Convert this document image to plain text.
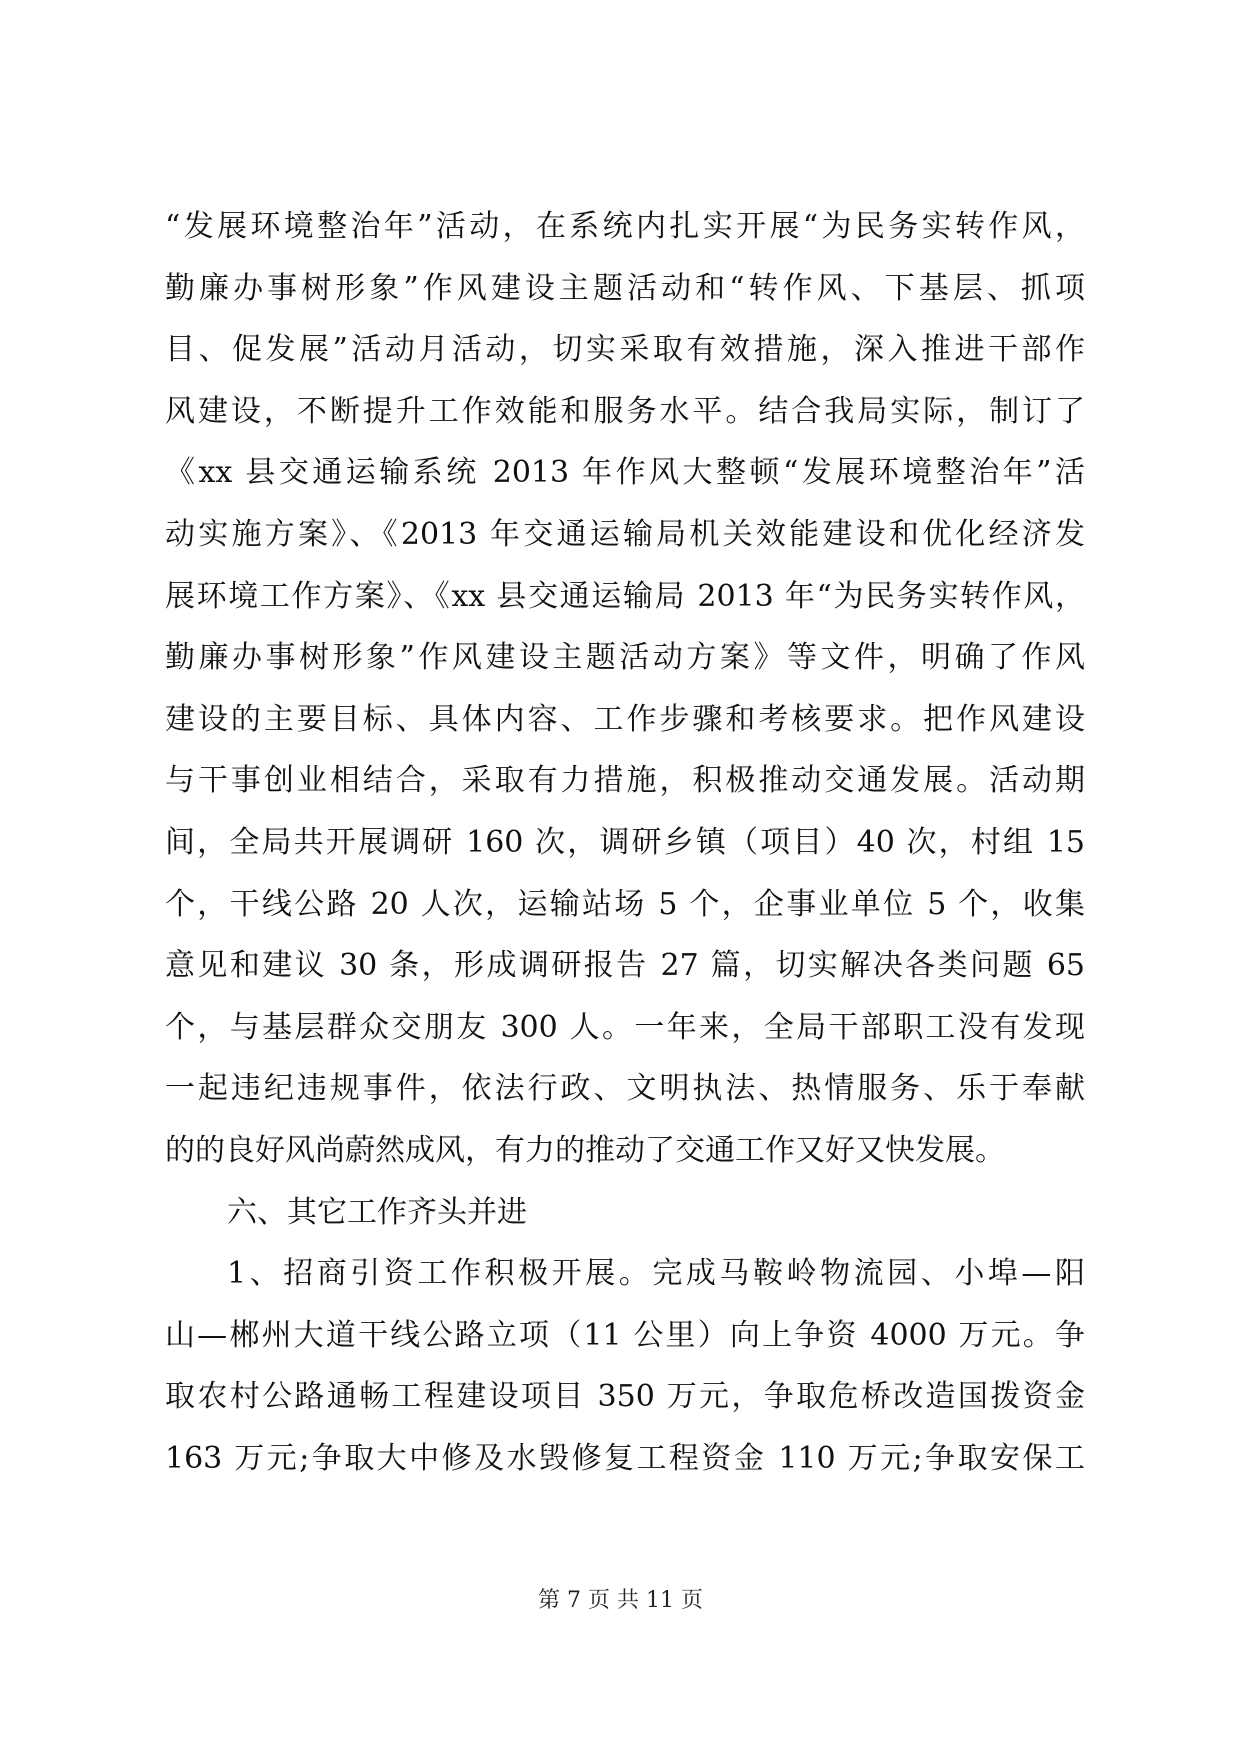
“发展环境整治年”活动，在系统内扎实开展“为民务实转作风，
勤廉办事树形象”作风建设主题活动和“转作风、下基层、抓项
目、促发展”活动月活动，切实采取有效措施，深入推进干部作
风建设，不断提升工作效能和服务水平。结合我局实际，制订了
《xx 县交通运输系统 2013 年作风大整顿“发展环境整治年”活
动实施方案》、《2013 年交通运输局机关效能建设和优化经济发
展环境工作方案》、《xx 县交通运输局 2013 年“为民务实转作风，
勤廉办事树形象”作风建设主题活动方案》等文件，明确了作风
建设的主要目标、具体内容、工作步骤和考核要求。把作风建设
与干事创业相结合，采取有力措施，积极推动交通发展。活动期
间，全局共开展调研 160 次，调研乡镇（项目）40 次，村组 15
个，干线公路 20 人次，运输站场 5 个，企事业单位 5 个，收集
意见和建议 30 条，形成调研报告 27 篇，切实解决各类问题 65
个，与基层群众交朋友 300 人。一年来，全局干部职工没有发现
一起违纪违规事件，依法行政、文明执法、热情服务、乐于奉献
的的良好风尚蔚然成风，有力的推动了交通工作又好又快发展。
六、其它工作齐头并进
1、招商引资工作积极开展。完成马鞍岭物流园、小埠—阳
山—郴州大道干线公路立项（11 公里）向上争资 4000 万元。争
取农村公路通畅工程建设项目 350 万元，争取危桥改造国拨资金
163 万元;争取大中修及水毁修复工程资金 110 万元;争取安保工
第 7 页 共 11 页
